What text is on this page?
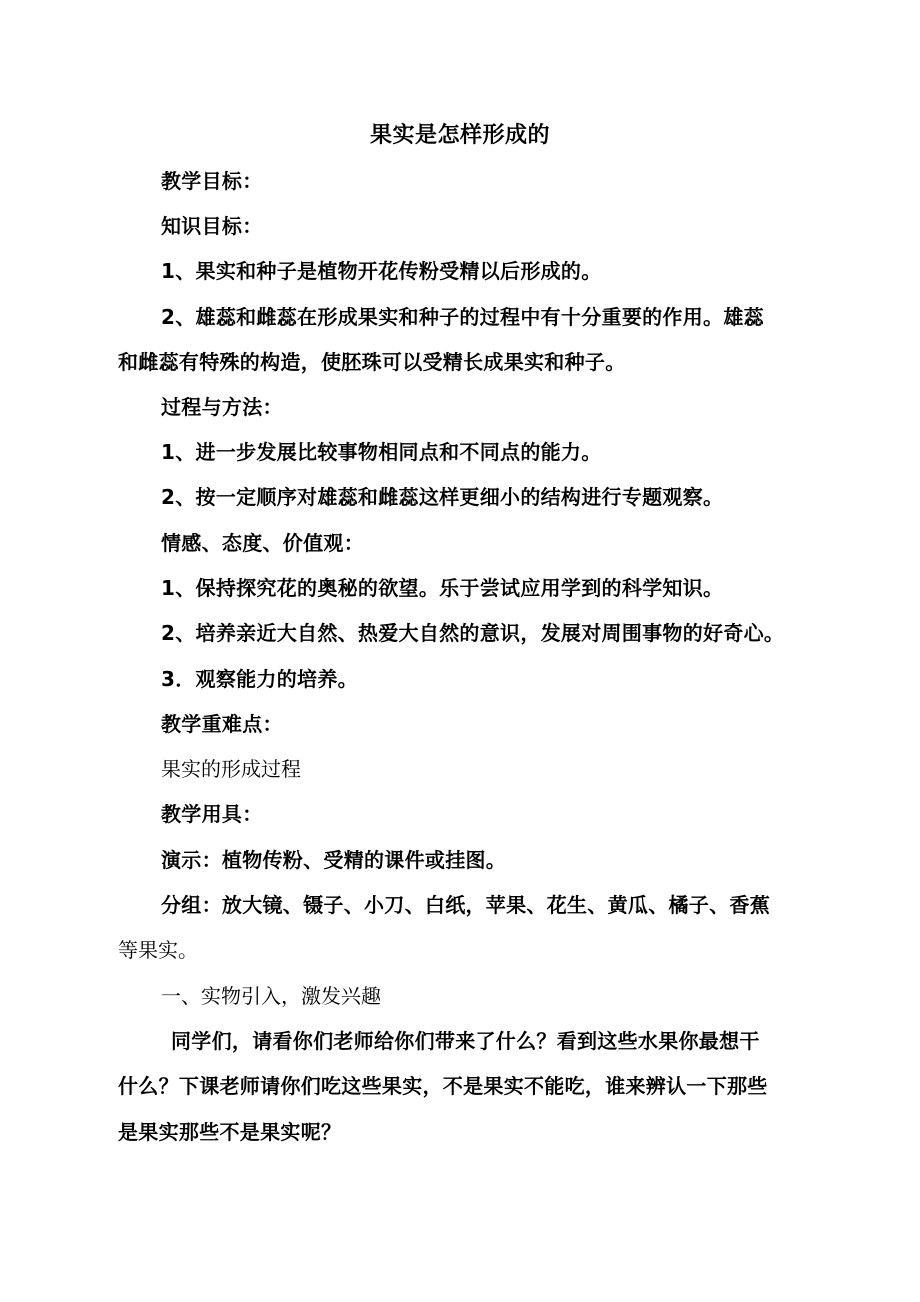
果实是怎样形成的
教学目标：
知识目标：
1、果实和种子是植物开花传粉受精以后形成的。
2、雄蕊和雌蕊在形成果实和种子的过程中有十分重要的作用。雄蕊
和雌蕊有特殊的构造，使胚珠可以受精长成果实和种子。
过程与方法：
1、进一步发展比较事物相同点和不同点的能力。
2、按一定顺序对雄蕊和雌蕊这样更细小的结构进行专题观察。
情感、态度、价值观：
1、保持探究花的奥秘的欲望。乐于尝试应用学到的科学知识。
2、培养亲近大自然、热爱大自然的意识，发展对周围事物的好奇心。
3．观察能力的培养。
教学重难点：
果实的形成过程
教学用具：
演示：植物传粉、受精的课件或挂图。
分组：放大镜、镊子、小刀、白纸，苹果、花生、黄瓜、橘子、香蕉
等果实。
一、实物引入，激发兴趣
同学们，请看你们老师给你们带来了什么？看到这些水果你最想干
什么？下课老师请你们吃这些果实，不是果实不能吃，谁来辨认一下那些
是果实那些不是果实呢？
